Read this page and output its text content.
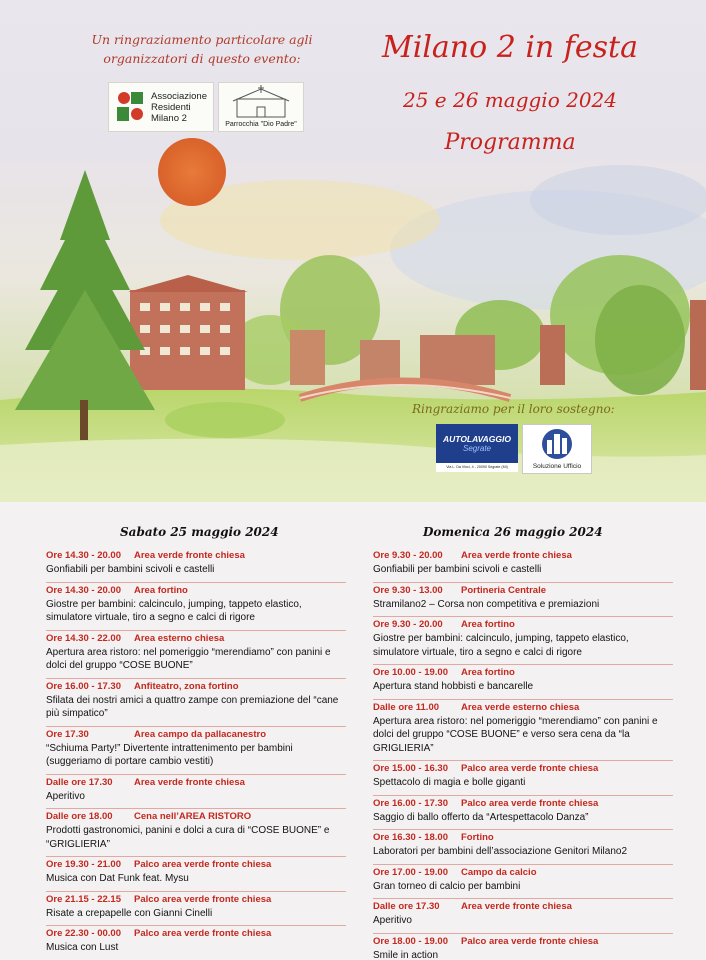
Un ringraziamento particolare agli
organizzatori di questo evento:
Associazione
Residenti
Milano 2
Parrocchia "Dio Padre"
Milano 2 in festa
25 e 26 maggio 2024
Programma
Ringraziamo per il loro sostegno:
AUTOLAVAGGIO
Segrate
Via L. Da Vinci, 4 - 20090 Segrate (MI)	Soluzione Ufficio
Sabato 25 maggio 2024	Domenica 26 maggio 2024
Ore 14.30 - 20.00 Area verde fronte chiesa
Gonfiabili per bambini scivoli e castelli
Ore 14.30 - 20.00 Area fortino
Giostre per bambini: calcinculo, jumping, tappeto elastico, simulatore virtuale, tiro a segno e calci di rigore
Ore 14.30 - 22.00 Area esterno chiesa
Apertura area ristoro: nel pomeriggio “merendiamo” con panini e dolci del gruppo “COSE BUONE”
Ore 16.00 - 17.30 Anfiteatro, zona fortino
Sfilata dei nostri amici a quattro zampe con premiazione del “cane più simpatico”
Ore 17.30	Area campo da pallacanestro
“Schiuma Party!” Divertente intrattenimento per bambini (suggeriamo di portare cambio vestiti)
Dalle ore 17.30 Area verde fronte chiesa
Aperitivo
Dalle ore 18.00 Cena nell’AREA RISTORO
Prodotti gastronomici, panini e dolci a cura di “COSE BUONE” e “GRIGLIERIA”
Ore 19.30 - 21.00 Palco area verde fronte chiesa
Musica con Dat Funk feat. Mysu
Ore 21.15 - 22.15 Palco area verde fronte chiesa
Risate a crepapelle con Gianni Cinelli
Ore 22.30 - 00.00 Palco area verde fronte chiesa
Musica con Lust
Ore 9.30 - 20.00 Area verde fronte chiesa
Gonfiabili per bambini scivoli e castelli
Ore 9.30 - 13.00 Portineria Centrale
Stramilano2 – Corsa non competitiva e premiazioni
Ore 9.30 - 20.00 Area fortino
Giostre per bambini: calcinculo, jumping, tappeto elastico, simulatore virtuale, tiro a segno e calci di rigore
Ore 10.00 - 19.00 Area fortino
Apertura stand hobbisti e bancarelle
Dalle ore 11.00 Area verde esterno chiesa
Apertura area ristoro: nel pomeriggio “merendiamo” con panini e dolci del gruppo “COSE BUONE” e verso sera cena da “la GRIGLIERIA”
Ore 15.00 - 16.30 Palco area verde fronte chiesa
Spettacolo di magia e bolle giganti
Ore 16.00 - 17.30 Palco area verde fronte chiesa
Saggio di ballo offerto da “Artespettacolo Danza”
Ore 16.30 - 18.00 Fortino
Laboratori per bambini dell’associazione Genitori Milano2
Ore 17.00 - 19.00 Campo da calcio
Gran torneo di calcio per bambini
Dalle ore 17.30 Area verde fronte chiesa
Aperitivo
Ore 18.00 - 19.00 Palco area verde fronte chiesa
Smile in action
